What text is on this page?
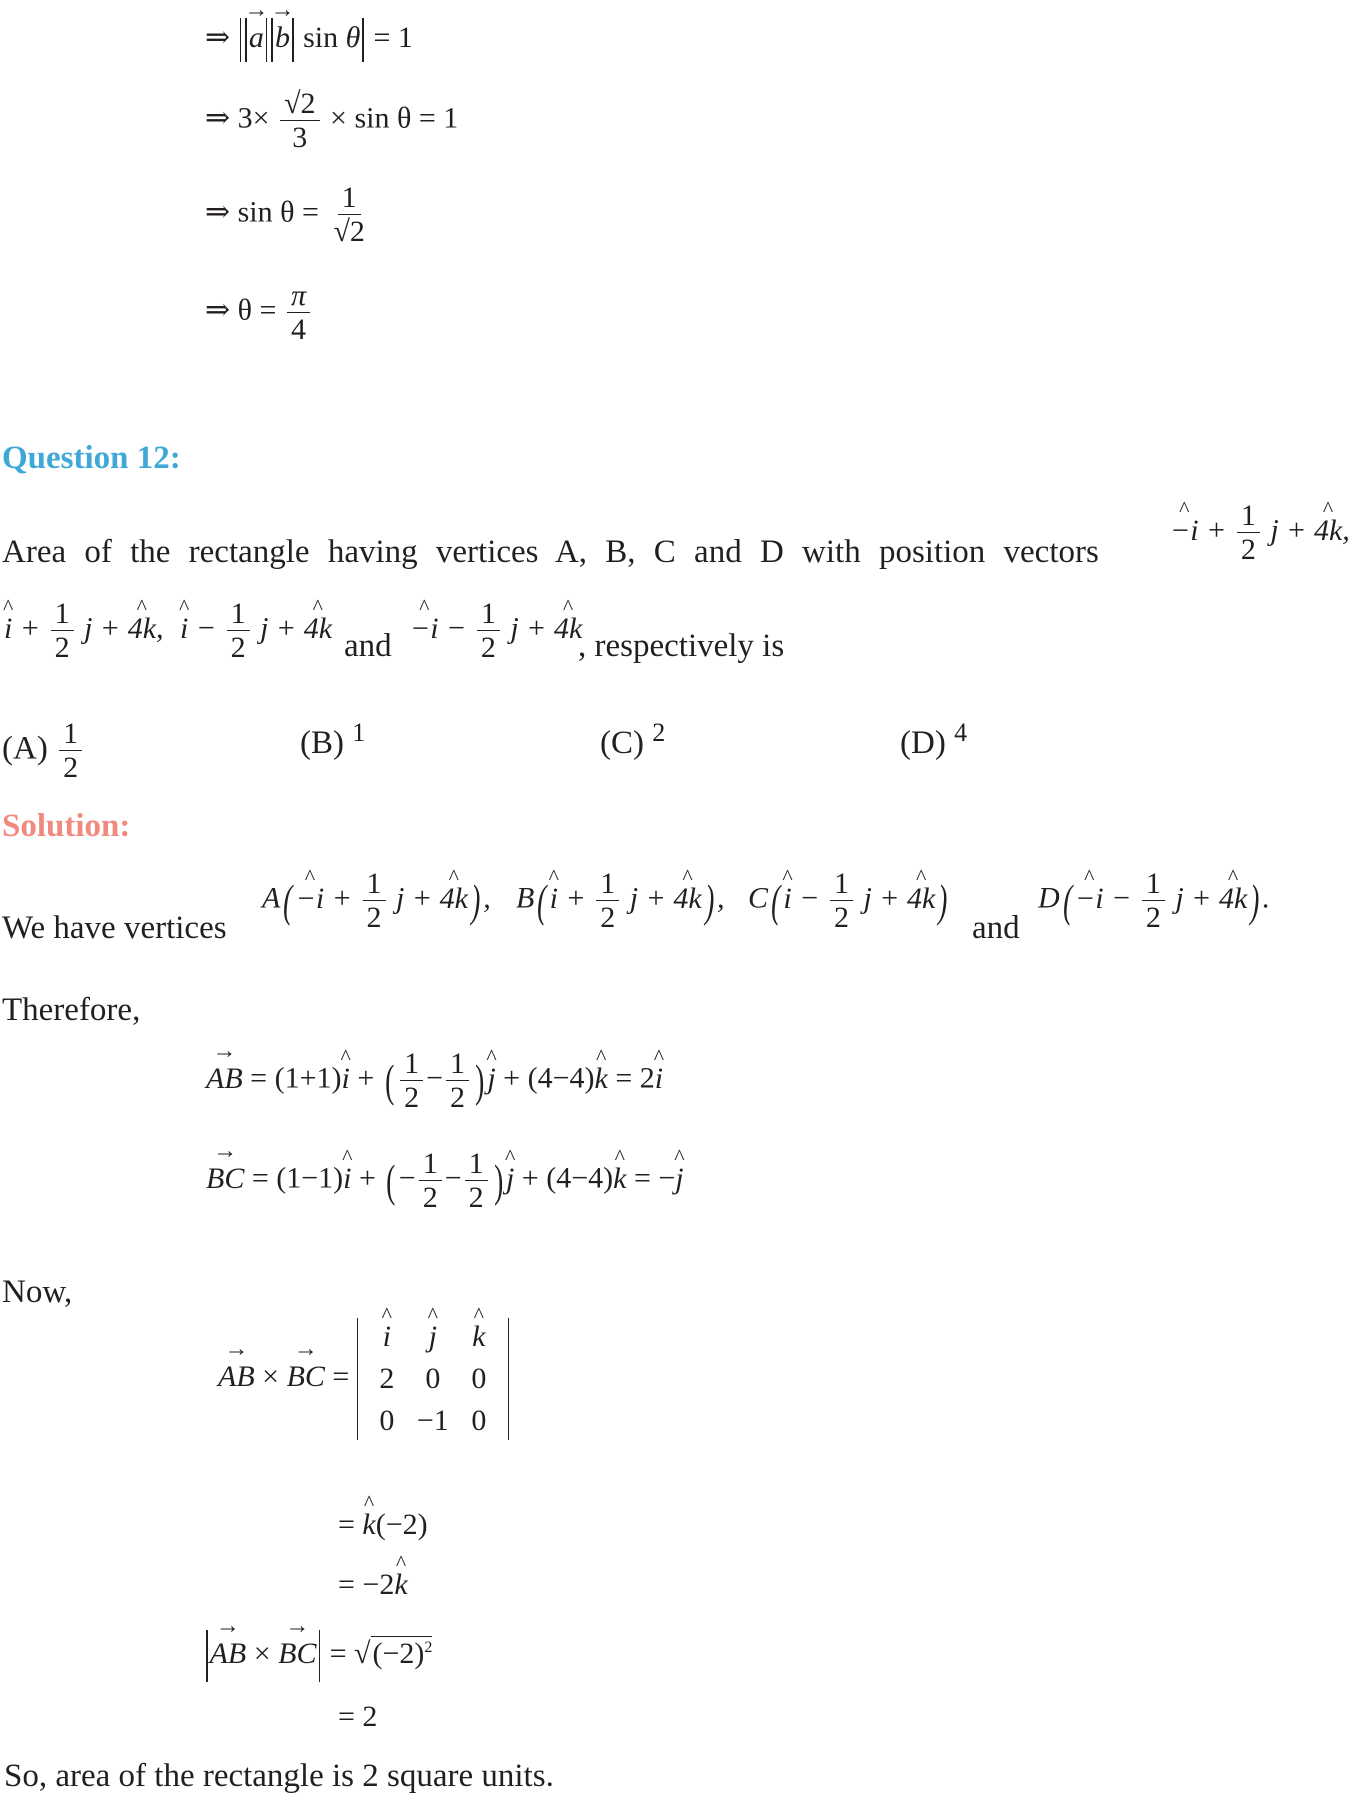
⇒ → a → b sin θ = 1
⇒ $3\times \frac{√2}{3} \times \sin \theta = 1$
⇒ $\sin \theta = \frac{1}{√2}$
⇒ $\theta = \frac{\pi}{4}$
Question 12:
Area of the rectangle having vertices A, B, C and D with position vectors
^ $-i + \frac{1}{2}$ j + ^ 4k,
^ $i + \frac{1}{2}$ j + ^ 4k, ^ $i - \frac{1}{2}$ j + ^ 4k and ^ $-i - \frac{1}{2}$ j + ^ 4k
, respectively is
$(A) \frac{1}{2}$	(B) $^1$	(C) $^2$	(D) $^4$
Solution:
We have vertices
A( ^ $-i + \frac{1}{2}$ j + ^ 4k) , B( ^ $i + \frac{1}{2}$ j + ^ 4k) , C( ^ $i - \frac{1}{2}$ j + ^ 4k)
and
D( ^ $-i - \frac{1}{2}$ j + ^ 4k) .
Therefore,
→ AB = (1+1)^ i + ( $\frac{1}{2} - \frac{1}{2}$ ) ^ j + (4−4)^ k = 2^ i
→ BC = (1−1)^ i + ( − $\frac{1}{2} - \frac{1}{2}$ ) ^ j + (4−4)^ k = −^ j
Now,
→ AB × → BC =
^ i	^ j	^ k
2	0	0
0 −1 0
= ^ k(−2)
= −2^ k
→ AB × → BC = $√(-2)^2$
= 2
So, area of the rectangle is 2 square units.
